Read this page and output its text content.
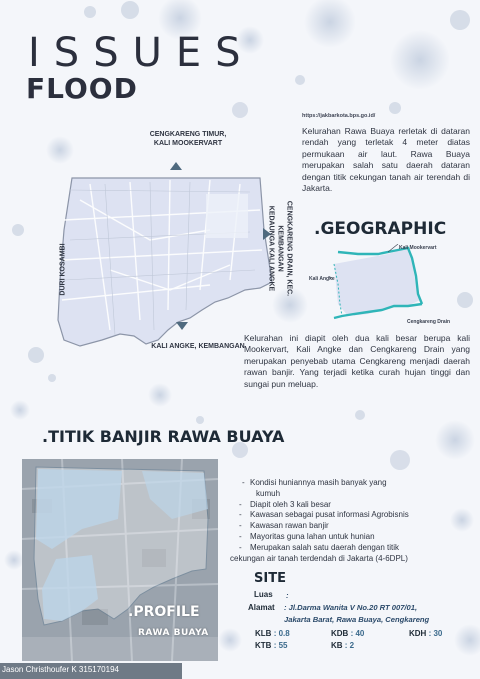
ISSUES
FLOOD
CENGKARENG TIMUR,
KALI MOOKERVART
DURI KOSAMBI
CENGKARENG DRAIN, KEC. KEMBANGAN
KEDAUNGA KALI ANGKE
KALI ANGKE, KEMBANGAN
https://jakbarkota.bps.go.id/
Kelurahan Rawa Buaya rerletak di dataran rendah yang terletak 4 meter diatas permukaan air laut. Rawa Buaya merupakan salah satu daerah dataran dengan titik cekungan tanah air terendah di Jakarta.
.GEOGRAPHIC
Kali Mookervart
Kali Angke
Cengkareng Drain
Kelurahan ini diapit oleh dua kali besar berupa kali Mookervart, Kali Angke dan Cengkareng Drain yang merupakan penyebab utama Cengkareng menjadi daerah rawan banjir. Yang terjadi ketika curah hujan tinggi dan sungai pun meluap.
.TITIK BANJIR RAWA BUAYA
.PROFILE
RAWA BUAYA
- Kondisi huniannya masih banyak yang
kumuh
- Diapit oleh 3 kali besar
- Kawasan sebagai pusat informasi Agrobisnis
- Kawasan rawan banjir
- Mayoritas guna lahan untuk hunian
- Merupakan salah satu daerah dengan titik
cekungan air tanah terdendah di Jakarta (4-6DPL)
SITE
Luas :
Alamat : Jl.Darma Wanita V No.20 RT 007/01,
Jakarta Barat, Rawa Buaya, Cengkareng
KLB : 0.8
KTB : 55
KDB : 40
KB : 2
KDH : 30
Jason Christhoufer K 315170194
